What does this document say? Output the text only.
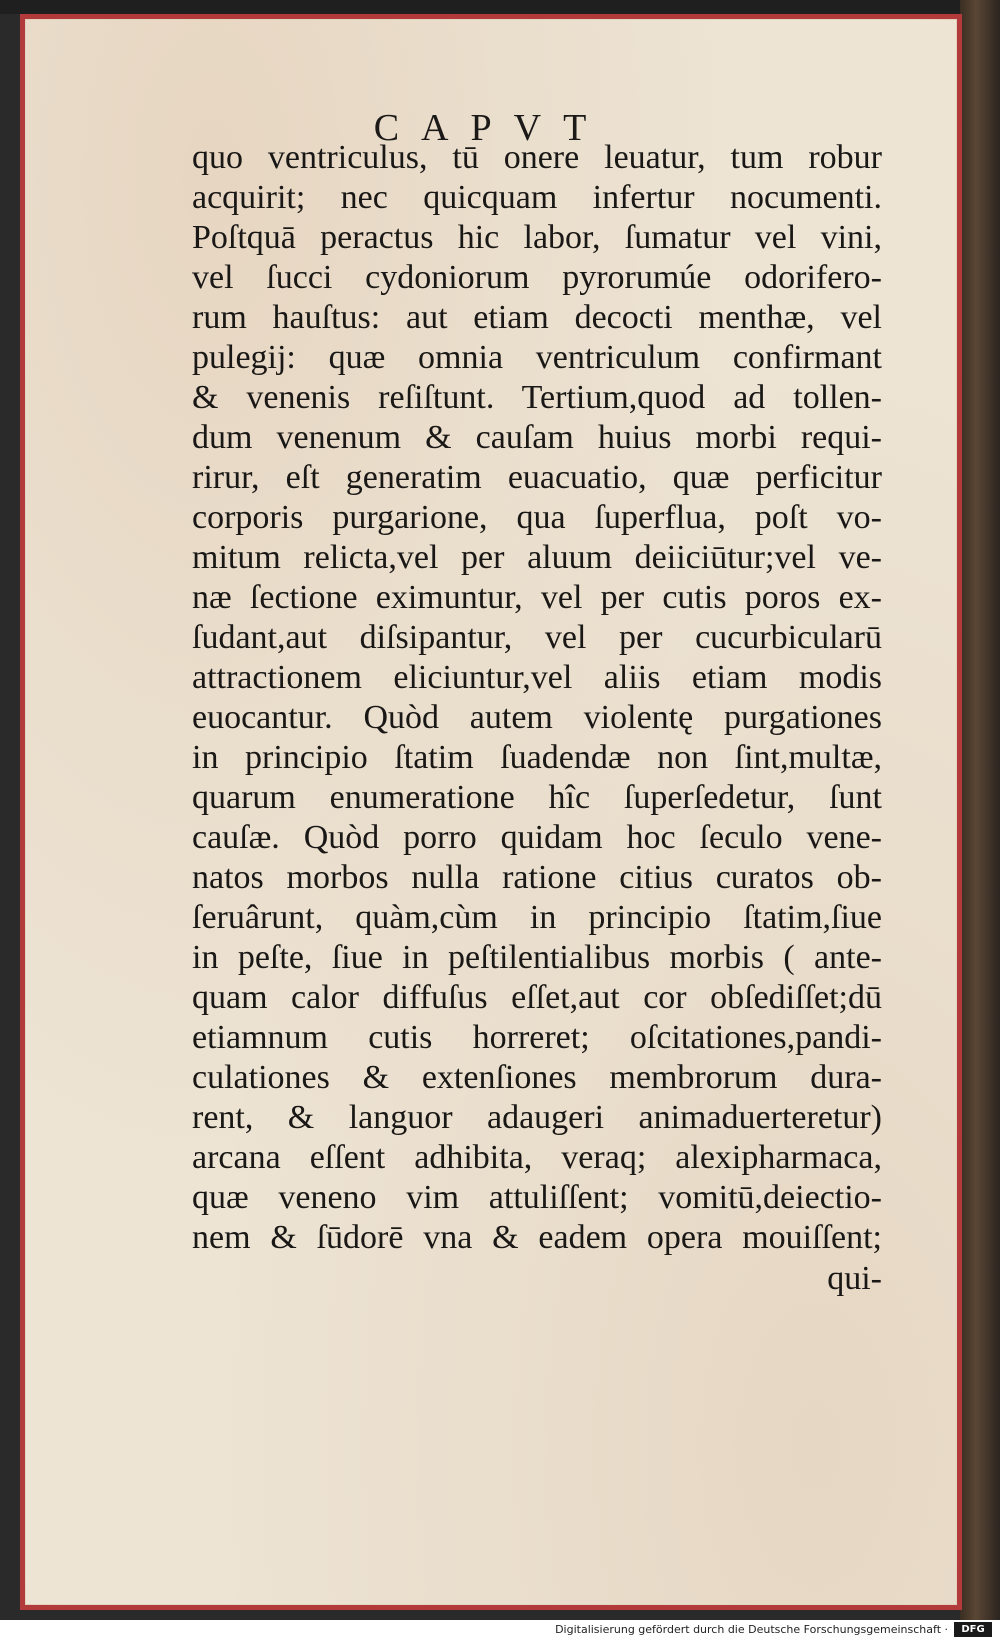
CAPVT
quo ventriculus, tū onere leuatur, tum robur
acquirit; nec quicquam infertur nocumenti.
Poſtquā peractus hic labor, ſumatur vel vini,
vel ſucci cydoniorum pyrorumúe odorifero-
rum hauſtus: aut etiam decocti menthæ, vel
pulegij: quæ omnia ventriculum confirmant
& venenis reſiſtunt. Tertium,quod ad tollen-
dum venenum & cauſam huius morbi requi-
rirur, eſt generatim euacuatio, quæ perficitur
corporis purgarione, qua ſuperflua, poſt vo-
mitum relicta,vel per aluum deiiciūtur;vel ve-
næ ſectione eximuntur, vel per cutis poros ex-
ſudant,aut diſsipantur, vel per cucurbicularū
attractionem eliciuntur,vel aliis etiam modis
euocantur. Quòd autem violentę purgationes
in principio ſtatim ſuadendæ non ſint,multæ,
quarum enumeratione hîc ſuperſedetur, ſunt
cauſæ. Quòd porro quidam hoc ſeculo vene-
natos morbos nulla ratione citius curatos ob-
ſeruârunt, quàm,cùm in principio ſtatim,ſiue
in peſte, ſiue in peſtilentialibus morbis ( ante-
quam calor diffuſus eſſet,aut cor obſediſſet;dū
etiamnum cutis horreret; oſcitationes,pandi-
culationes & extenſiones membrorum dura-
rent, & languor adaugeri animaduerteretur)
arcana eſſent adhibita, veraq; alexipharmaca,
quæ veneno vim attuliſſent; vomitū,deiectio-
nem & ſūdorē vna & eadem opera mouiſſent;
qui-
Digitalisierung gefördert durch die Deutsche Forschungsgemeinschaft ·	DFG
